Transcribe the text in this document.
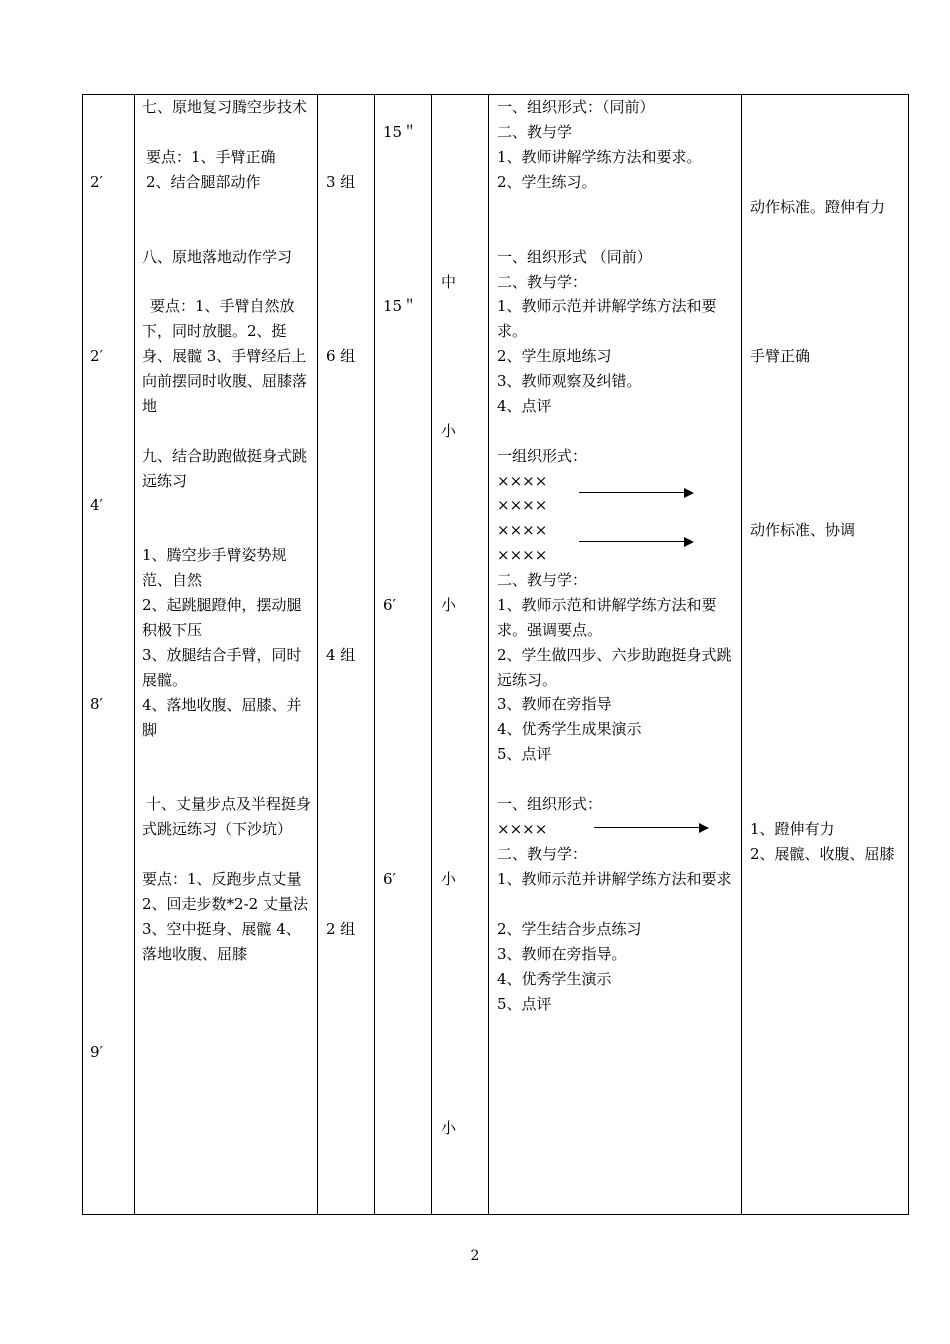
2′
2′
4′
8′
9′
七、原地复习腾空步技术
要点：1、手臂正确
2、结合腿部动作
八、原地落地动作学习
要点：1、手臂自然放下，同时放腿。2、挺身、展髋 3、手臂经后上向前摆同时收腹、屈膝落地
九、结合助跑做挺身式跳远练习
1、腾空步手臂姿势规范、自然
2、起跳腿蹬伸，摆动腿积极下压
3、放腿结合手臂，同时展髋。
4、落地收腹、屈膝、并脚
十、丈量步点及半程挺身式跳远练习（下沙坑）
要点：1、反跑步点丈量 2、回走步数*2-2 丈量法 3、空中挺身、展髋 4、落地收腹、屈膝
3 组
6 组
4 组
2 组
15＂
15＂
6′
6′
中
小
小
小
小
一、组织形式：（同前）
二、教与学
1、教师讲解学练方法和要求。
2、学生练习。
一、组织形式 （同前）
二、教与学：
1、教师示范并讲解学练方法和要求。
2、学生原地练习
3、教师观察及纠错。
4、点评
一组织形式：
××××
××××
××××
××××
二、教与学：
1、教师示范和讲解学练方法和要求。强调要点。
2、学生做四步、六步助跑挺身式跳远练习。
3、教师在旁指导
4、优秀学生成果演示
5、点评
一、组织形式：
××××
二、教与学：
1、教师示范并讲解学练方法和要求
2、学生结合步点练习
3、教师在旁指导。
4、优秀学生演示
5、点评
动作标准。蹬伸有力
手臂正确
动作标准、协调
1、蹬伸有力
2、展髋、收腹、屈膝
2
